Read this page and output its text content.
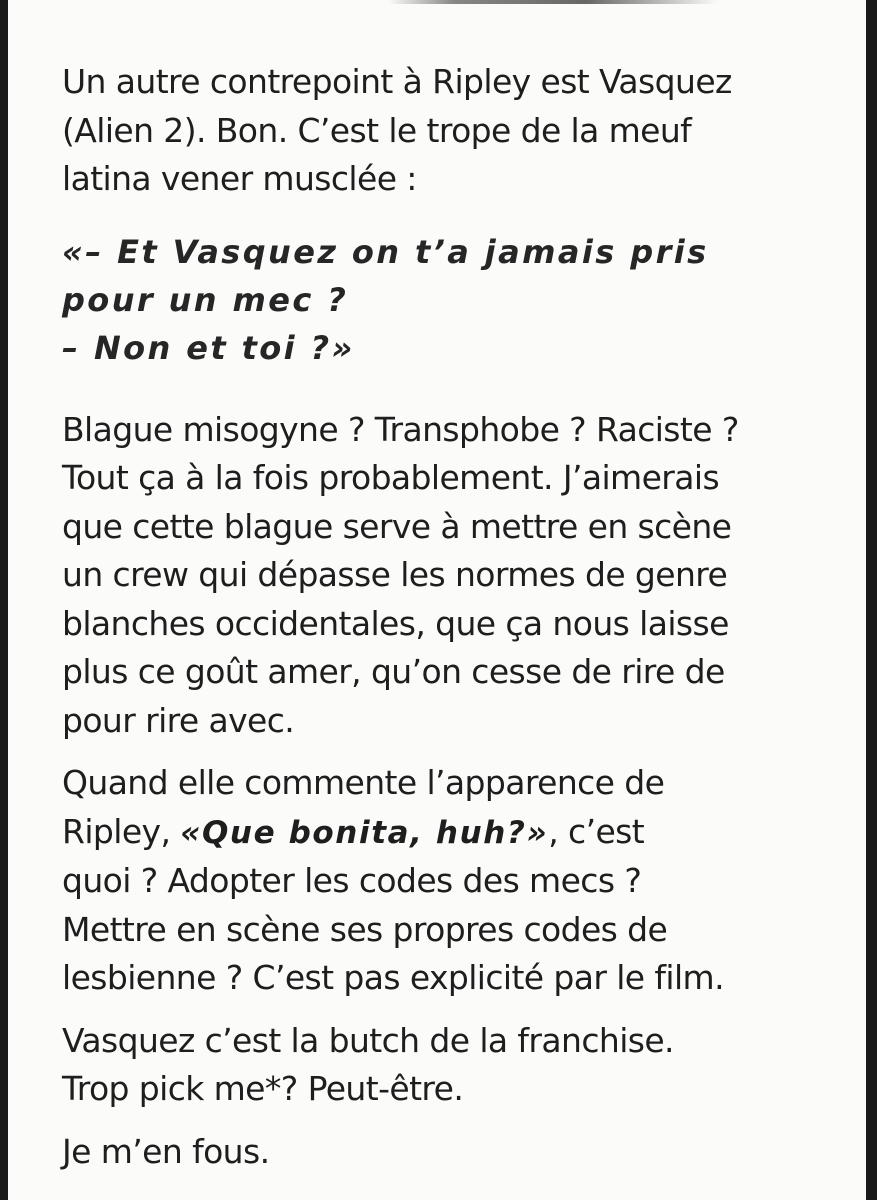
Un autre contrepoint à Ripley est Vasquez
(Alien 2). Bon. C’est le trope de la meuf
latina vener musclée :

«– Et Vasquez on t’a jamais pris
pour un mec ?
– Non et toi ?»

Blague misogyne ? Transphobe ? Raciste ?
Tout ça à la fois probablement. J’aimerais
que cette blague serve à mettre en scène
un crew qui dépasse les normes de genre
blanches occidentales, que ça nous laisse
plus ce goût amer, qu’on cesse de rire de
pour rire avec.

Quand elle commente l’apparence de
Ripley, «Que bonita, huh?», c’est
quoi ? Adopter les codes des mecs ?
Mettre en scène ses propres codes de
lesbienne ? C’est pas explicité par le film.

Vasquez c’est la butch de la franchise.
Trop pick me*? Peut-être.

Je m’en fous.
